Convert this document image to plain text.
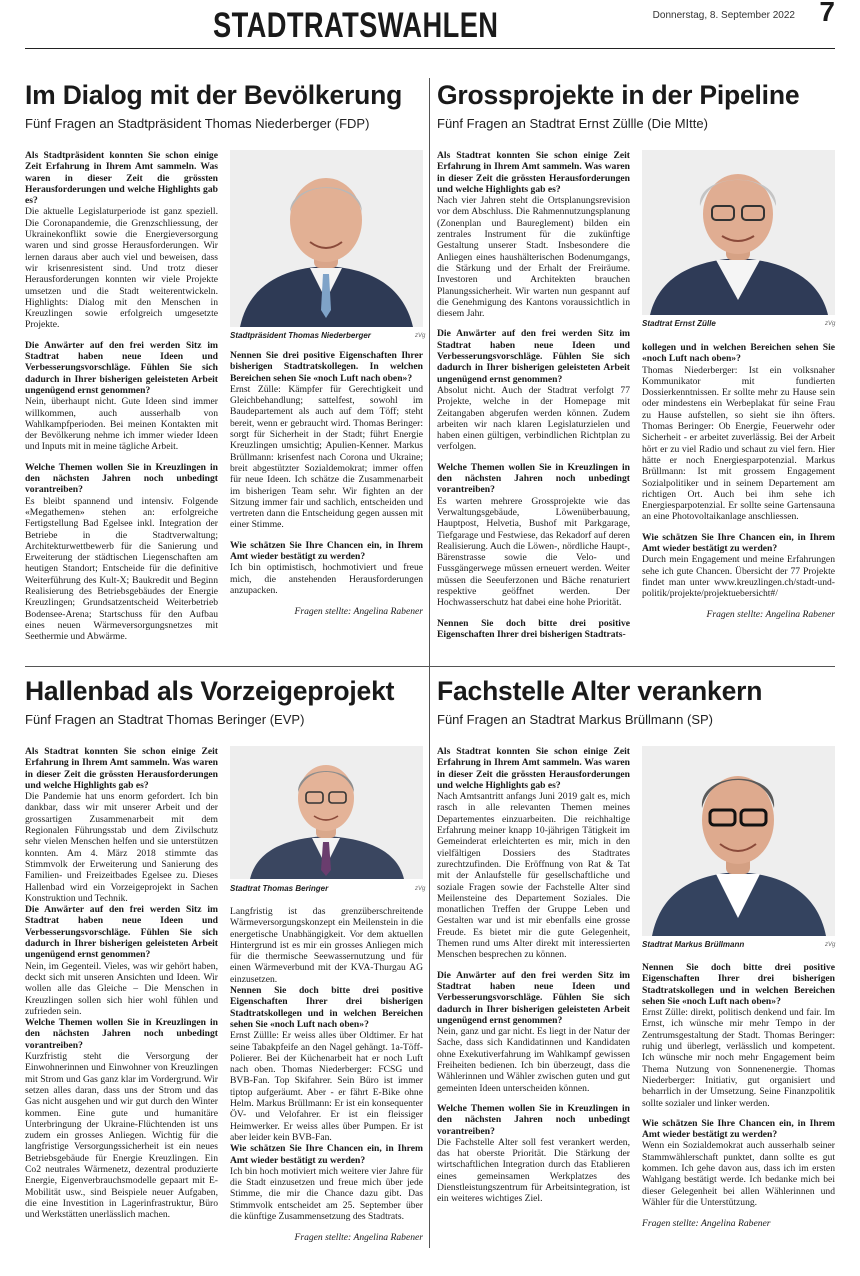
STADTRATSWAHLEN	Donnerstag, 8. September 2022 7
Im Dialog mit der Bevölkerung
Fünf Fragen an Stadtpräsident Thomas Niederberger (FDP)

Als Stadtpräsident konnten Sie schon einige Zeit Erfahrung in Ihrem Amt sammeln. Was waren in dieser Zeit die grössten Herausforderungen und welche Highlights gab es?

Die aktuelle Legislaturperiode ist ganz speziell. Die Coronapandemie, die Grenzschliessung, der Ukrainekonflikt sowie die Energieversorgung waren und sind grosse Herausforderungen. Wir lernen daraus aber auch viel und beweisen, dass wir krisenresistent sind. Und trotz dieser Herausforderungen konnten wir viele Projekte umsetzen und die Stadt weiterentwickeln. Highlights: Dialog mit den Menschen in Kreuzlingen sowie erfolgreich umgesetzte Projekte.

Die Anwärter auf den frei werden Sitz im Stadtrat haben neue Ideen und Verbesserungsvorschläge. Fühlen Sie sich dadurch in Ihrer bisherigen geleisteten Arbeit ungenügend ernst genommen?

Nein, überhaupt nicht. Gute Ideen sind immer willkommen, auch ausserhalb von Wahlkampfperioden. Bei meinen Kontakten mit der Bevölkerung nehme ich immer wieder Ideen und Inputs mit in meine tägliche Arbeit.

Welche Themen wollen Sie in Kreuzlingen in den nächsten Jahren noch unbedingt vorantreiben?

Es bleibt spannend und intensiv. Folgende «Megathemen» stehen an: erfolgreiche Fertigstellung Bad Egelsee inkl. Integration der Betriebe in die Stadtverwaltung; Architekturwettbewerb für die Sanierung und Erweiterung der städtischen Liegenschaften am heutigen Standort; Entscheide für die definitive Weiterführung des Kult-X; Baukredit und Beginn Realisierung des Betriebsgebäudes der Energie Kreuzlingen; Grundsatzentscheid Weiterbetrieb Bodensee-Arena; Startschuss für den Aufbau eines neuen Wärmeversorgungsnetzes mit Seethermie und Abwärme.

Stadtpräsident Thomas Niederberger	zVg

Nennen Sie drei positive Eigenschaften Ihrer bisherigen Stadtratskollegen. In welchen Bereichen sehen Sie «noch Luft nach oben»?

Ernst Zülle: Kämpfer für Gerechtigkeit und Gleichbehandlung; sattelfest, sowohl im Baudepartement als auch auf dem Töff; steht bereit, wenn er gebraucht wird. Thomas Beringer: sorgt für Sicherheit in der Stadt; führt Energie Kreuzlingen umsichtig; Apulien-Kenner. Markus Brüllmann: krisenfest nach Corona und Ukraine; breit abgestützter Sozialdemokrat; immer offen für neue Ideen. Ich schätze die Zusammenarbeit im bisherigen Team sehr. Wir fighten an der Sitzung immer fair und sachlich, entscheiden und vertreten dann die Entscheidung gegen aussen mit einer Stimme.

Wie schätzen Sie Ihre Chancen ein, in Ihrem Amt wieder bestätigt zu werden?

Ich bin optimistisch, hochmotiviert und freue mich, die anstehenden Herausforderungen anzupacken.

Fragen stellte: Angelina Rabener

Grossprojekte in der Pipeline
Fünf Fragen an Stadtrat Ernst Züllle (Die MItte)

Als Stadtrat konnten Sie schon einige Zeit Erfahrung in Ihrem Amt sammeln. Was waren in dieser Zeit die grössten Herausforderungen und welche Highlights gab es?

Nach vier Jahren steht die Ortsplanungsrevision vor dem Abschluss. Die Rahmennutzungsplanung (Zonenplan und Baureglement) bilden ein zentrales Instrument für die zukünftige Gestaltung unserer Stadt. Insbesondere die Anliegen eines haushälterischen Bodenumgangs, die Stärkung und der Erhalt der Freiräume. Investoren und Architekten brauchen Planungssicherheit. Wir warten nun gespannt auf die Genehmigung des Kantons voraussichtlich in diesem Jahr.

Die Anwärter auf den frei werden Sitz im Stadtrat haben neue Ideen und Verbesserungsvorschläge. Fühlen Sie sich dadurch in Ihrer bisherigen geleisteten Arbeit ungenügend ernst genommen?

Absolut nicht. Auch der Stadtrat verfolgt 77 Projekte, welche in der Homepage mit Zeitangaben abgerufen werden können. Zudem arbeiten wir nach klaren Legislaturzielen und haben einen gültigen, verbindlichen Richtplan zu verfolgen.

Welche Themen wollen Sie in Kreuzlingen in den nächsten Jahren noch unbedingt vorantreiben?

Es warten mehrere Grossprojekte wie das Verwaltungsgebäude, Löwenüberbauung, Hauptpost, Helvetia, Bushof mit Parkgarage, Tiefgarage und Festwiese, das Rekadorf auf deren Realisierung. Auch die Löwen-, nördliche Haupt-, Bärenstrasse sowie die Velo- und Fussgängerwege müssen erneuert werden. Weiter müssen die Seeuferzonen und Bäche renaturiert respektive geöffnet werden. Der Hochwasserschutz hat dabei eine hohe Priorität.

Nennen Sie doch bitte drei positive Eigenschaften Ihrer drei bisherigen Stadtrats-

Stadtrat Ernst Zülle	zVg

kollegen und in welchen Bereichen sehen Sie «noch Luft nach oben»?

Thomas Niederberger: Ist ein volksnaher Kommunikator mit fundierten Dossierkenntnissen. Er sollte mehr zu Hause sein oder mindestens ein Werbeplakat für seine Frau zu Hause aufstellen, so sieht sie ihn öfters. Thomas Beringer: Ob Energie, Feuerwehr oder Sicherheit - er arbeitet zuverlässig. Bei der Arbeit hört er zu viel Radio und schaut zu viel fern. Hier hätte er noch Energiesparpotenzial. Markus Brüllmann: Ist mit grossem Engagement Sozialpolitiker und in seinem Departement am richtigen Ort. Auch bei ihm sehe ich Energiesparpotenzial. Er sollte seine Gartensauna an eine Photovoltaikanlage anschliessen.

Wie schätzen Sie Ihre Chancen ein, in Ihrem Amt wieder bestätigt zu werden?

Durch mein Engagement und meine Erfahrungen sehe ich gute Chancen. Übersicht der 77 Projekte findet man unter www.kreuzlingen.ch/stadt-und-politik/projekte/projektuebersicht#/

Fragen stellte: Angelina Rabener

Hallenbad als Vorzeigeprojekt
Fünf Fragen an Stadtrat Thomas Beringer (EVP)

Als Stadtrat konnten Sie schon einige Zeit Erfahrung in Ihrem Amt sammeln. Was waren in dieser Zeit die grössten Herausforderungen und welche Highlights gab es?

Die Pandemie hat uns enorm gefordert. Ich bin dankbar, dass wir mit unserer Arbeit und der grossartigen Zusammenarbeit mit dem Regionalen Führungsstab und dem Zivilschutz sehr vielen Menschen helfen und sie unterstützen konnten. Am 4. März 2018 stimmte das Stimmvolk der Erweiterung und Sanierung des Familien- und Freizeitbades Egelsee zu. Dieses Hallenbad wird ein Vorzeigeprojekt in Sachen Konstruktion und Technik.

Die Anwärter auf den frei werden Sitz im Stadtrat haben neue Ideen und Verbesserungsvorschläge. Fühlen Sie sich dadurch in Ihrer bisherigen geleisteten Arbeit ungenügend ernst genommen?

Nein, im Gegenteil. Vieles, was wir gehört haben, deckt sich mit unseren Ansichten und Ideen. Wir wollen alle das Gleiche – Die Menschen in Kreuzlingen sollen sich hier wohl fühlen und zufrieden sein.

Welche Themen wollen Sie in Kreuzlingen in den nächsten Jahren noch unbedingt vorantreiben?

Kurzfristig steht die Versorgung der Einwohnerinnen und Einwohner von Kreuzlingen mit Strom und Gas ganz klar im Vordergrund. Wir setzen alles daran, dass uns der Strom und das Gas nicht ausgehen und wir gut durch den Winter kommen. Eine gute und humanitäre Unterbringung der Ukraine-Flüchtenden ist uns zudem ein grosses Anliegen. Wichtig für die langfristige Versorgungssicherheit ist ein neues Betriebsgebäude für Energie Kreuzlingen. Ein Co2 neutrales Wärmenetz, dezentral produzierte Energie, Eigenverbrauchsmodelle gepaart mit E-Mobilität usw., sind Beispiele neuer Aufgaben, die eine Investition in Lagerinfrastruktur, Büro und Werkstätten unerlässlich machen.

Stadtrat Thomas Beringer	zVg

Langfristig ist das grenzüberschreitende Wärmeversorgungskonzept ein Meilenstein in die energetische Unabhängigkeit. Vor dem aktuellen Hintergrund ist es mir ein grosses Anliegen mich für die thermische Seewassernutzung und für einen Wärmeverbund mit der KVA-Thurgau AG einzusetzen.

Nennen Sie doch bitte drei positive Eigenschaften Ihrer drei bisherigen Stadtratskollegen und in welchen Bereichen sehen Sie «noch Luft nach oben»?

Ernst Züllle: Er weiss alles über Oldtimer. Er hat seine Tabakpfeife an den Nagel gehängt. 1a-Töff-Polierer. Bei der Küchenarbeit hat er noch Luft nach oben. Thomas Niederberger: FCSG und BVB-Fan. Top Skifahrer. Sein Büro ist immer tiptop aufgeräumt. Aber - er fährt E-Bike ohne Helm. Markus Brüllmann: Er ist ein konsequenter ÖV- und Velofahrer. Er ist ein fleissiger Heimwerker. Er weiss alles über Pumpen. Er ist aber leider kein BVB-Fan.

Wie schätzen Sie Ihre Chancen ein, in Ihrem Amt wieder bestätigt zu werden?

Ich bin hoch motiviert mich weitere vier Jahre für die Stadt einzusetzen und freue mich über jede Stimme, die mir die Chance dazu gibt. Das Stimmvolk entscheidet am 25. September über die künftige Zusammensetzung des Stadtrats.

Fragen stellte: Angelina Rabener

Fachstelle Alter verankern
Fünf Fragen an Stadtrat Markus Brüllmann (SP)

Als Stadtrat konnten Sie schon einige Zeit Erfahrung in Ihrem Amt sammeln. Was waren in dieser Zeit die grössten Herausforderungen und welche Highlights gab es?

Nach Amtsantritt anfangs Juni 2019 galt es, mich rasch in alle relevanten Themen meines Departementes einzuarbeiten. Die reichhaltige Erfahrung meiner knapp 10-jährigen Tätigkeit im Gemeinderat erleichterten es mir, mich in den vielfältigen Dossiers des Stadtrates zurechtzufinden. Die Eröffnung von Rat & Tat mit der Anlaufstelle für gesellschaftliche und soziale Fragen sowie der Fachstelle Alter sind Meilensteine des Departement Soziales. Die monatlichen Treffen der Gruppe Leben und Gestalten war und ist mir ebenfalls eine grosse Freude. Es bietet mir die gute Gelegenheit, Themen rund ums Alter direkt mit interessierten Menschen besprechen zu können.

Die Anwärter auf den frei werden Sitz im Stadtrat haben neue Ideen und Verbesserungsvorschläge. Fühlen Sie sich dadurch in Ihrer bisherigen geleisteten Arbeit ungenügend ernst genommen?

Nein, ganz und gar nicht. Es liegt in der Natur der Sache, dass sich Kandidatinnen und Kandidaten ohne Exekutiverfahrung im Wahlkampf gewissen Freiheiten bedienen. Ich bin überzeugt, dass die Wählerinnen und Wähler zwischen guten und gut gemeinten Ideen unterscheiden können.

Welche Themen wollen Sie in Kreuzlingen in den nächsten Jahren noch unbedingt vorantreiben?

Die Fachstelle Alter soll fest verankert werden, das hat oberste Priorität. Die Stärkung der wirtschaftlichen Integration durch das Etablieren eines gemeinsamen Werkplatzes des Dienstleistungszentrum für Arbeitsintegration, ist ein weiteres wichtiges Ziel.

Stadtrat Markus Brüllmann	zVg

Nennen Sie doch bitte drei positive Eigenschaften Ihrer drei bisherigen Stadtratskollegen und in welchen Bereichen sehen Sie «noch Luft nach oben»?

Ernst Zülle: direkt, politisch denkend und fair. Im Ernst, ich wünsche mir mehr Tempo in der Zentrumsgestaltung der Stadt. Thomas Beringer: ruhig und überlegt, verlässlich und kompetent. Ich wünsche mir noch mehr Engagement beim Thema Nutzung von Sonnenenergie. Thomas Niederberger: Initiativ, gut organisiert und beharrlich in der Umsetzung. Seine Finanzpolitik sollte sozialer und linker werden.

Wie schätzen Sie Ihre Chancen ein, in Ihrem Amt wieder bestätigt zu werden?

Wenn ein Sozialdemokrat auch ausserhalb seiner Stammwählerschaft punktet, dann sollte es gut kommen. Ich gehe davon aus, dass ich im ersten Wahlgang bestätigt werde. Ich bedanke mich bei dieser Gelegenheit bei allen Wählerinnen und Wähler für die Unterstützung.

Fragen stellte: Angelina Rabener
